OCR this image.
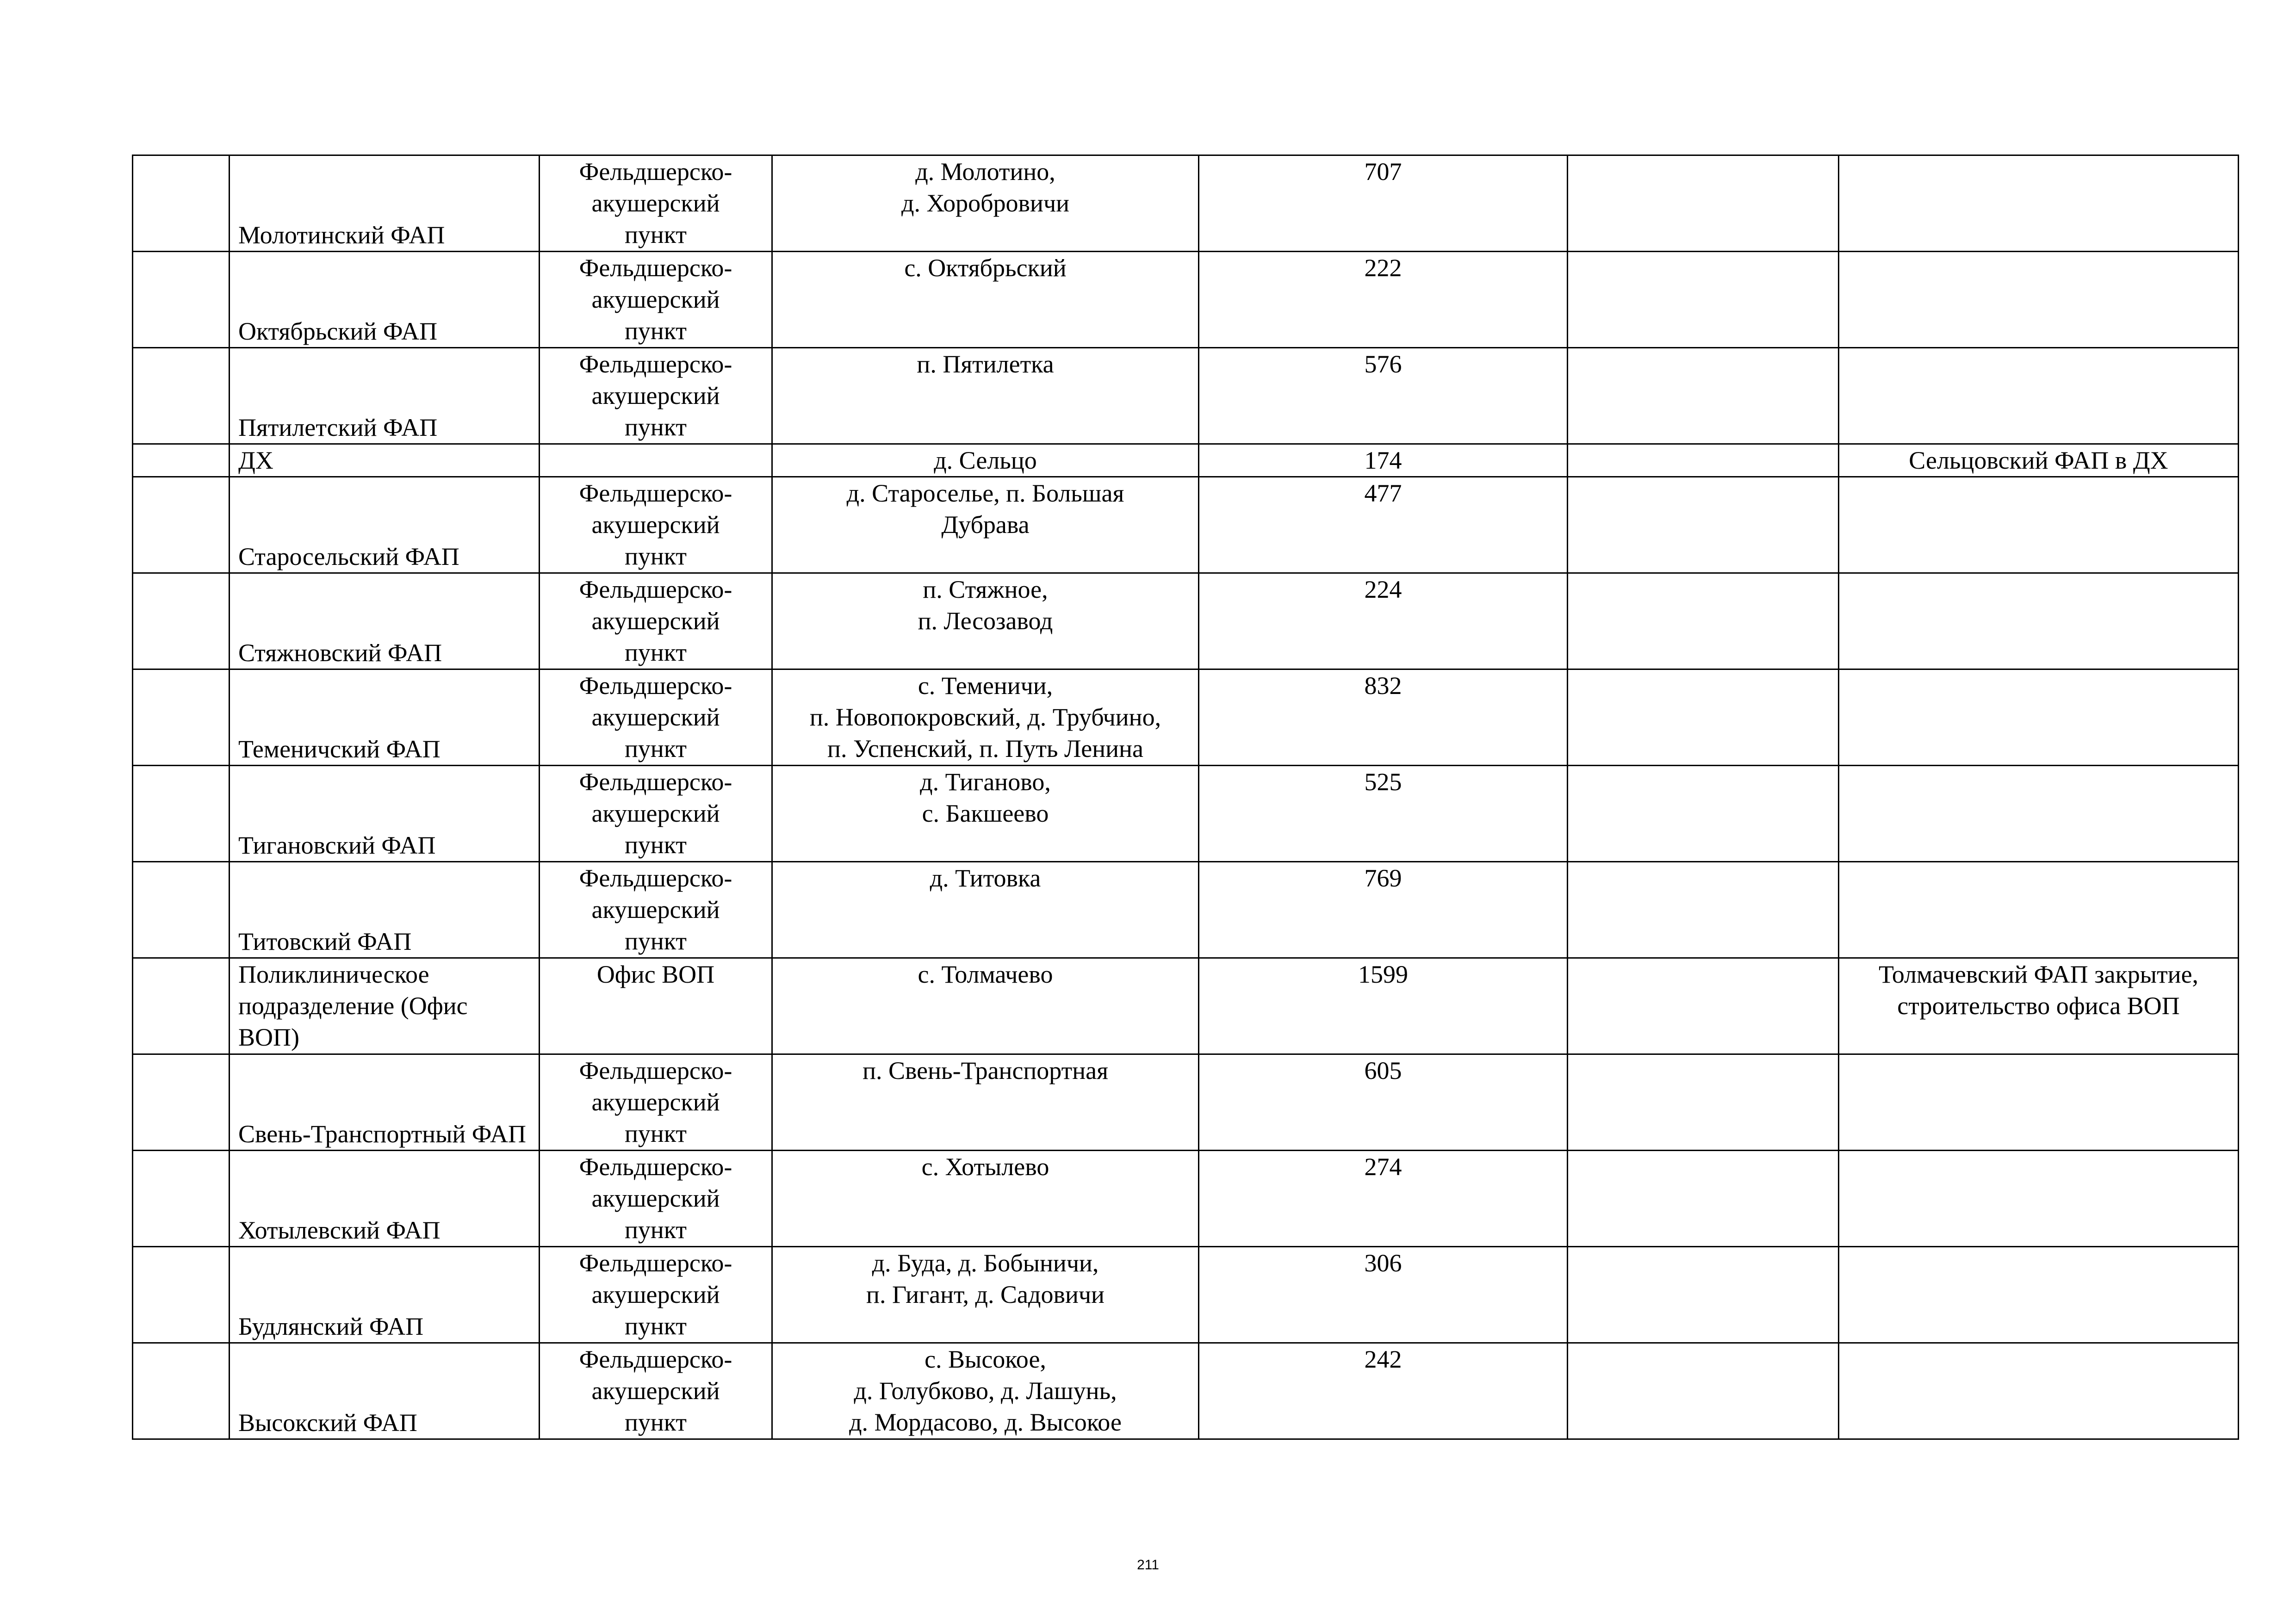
	Молотинский ФАП	Фельдшерско-
акушерский
пункт	д. Молотино,
д. Хоробровичи	707		
	Октябрьский ФАП	Фельдшерско-
акушерский
пункт	с. Октябрьский	222		
	Пятилетский ФАП	Фельдшерско-
акушерский
пункт	п. Пятилетка	576		
	ДХ		д. Сельцо	174		Сельцовский ФАП в ДХ
	Старосельский ФАП	Фельдшерско-
акушерский
пункт	д. Староселье, п. Большая
Дубрава	477		
	Стяжновский ФАП	Фельдшерско-
акушерский
пункт	п. Стяжное,
п. Лесозавод	224		
	Теменичский ФАП	Фельдшерско-
акушерский
пункт	с. Теменичи,
п. Новопокровский, д. Трубчино,
п. Успенский, п. Путь Ленина	832		
	Тигановский ФАП	Фельдшерско-
акушерский
пункт	д. Тиганово,
с. Бакшеево	525		
	Титовский ФАП	Фельдшерско-
акушерский
пункт	д. Титовка	769		
	Поликлиническое подразделение (Офис ВОП)	Офис ВОП	с. Толмачево	1599		Толмачевский ФАП закрытие, строительство офиса ВОП
	Свень-Транспортный ФАП	Фельдшерско-
акушерский
пункт	п. Свень-Транспортная	605		
	Хотылевский ФАП	Фельдшерско-
акушерский
пункт	с. Хотылево	274		
	Будлянский ФАП	Фельдшерско-
акушерский
пункт	д. Буда, д. Бобыничи,
п. Гигант, д. Садовичи	306		
	Высокский ФАП	Фельдшерско-
акушерский
пункт	с. Высокое,
д. Голубково, д. Лашунь,
д. Мордасово, д. Высокое	242		
211
